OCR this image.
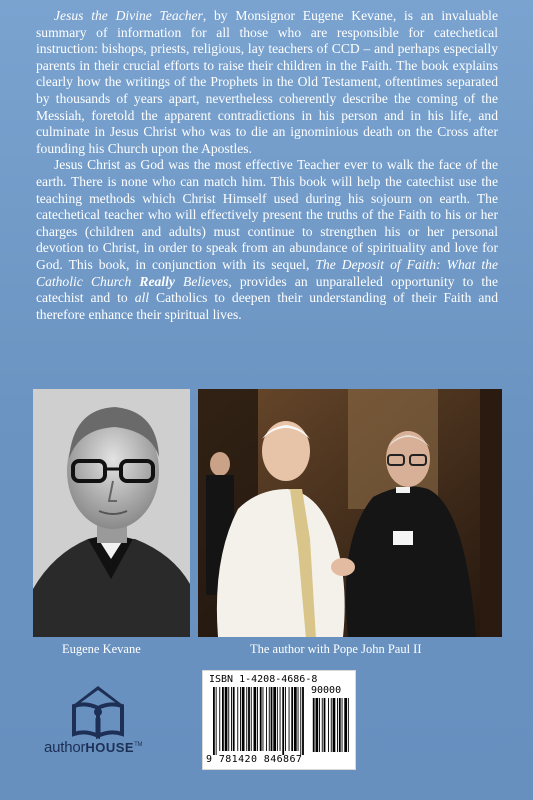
Jesus the Divine Teacher, by Monsignor Eugene Kevane, is an invaluable summary of information for all those who are responsible for catechetical instruction: bishops, priests, religious, lay teachers of CCD – and perhaps especially parents in their crucial efforts to raise their children in the Faith. The book explains clearly how the writings of the Prophets in the Old Testament, oftentimes separated by thousands of years apart, nevertheless coherently describe the coming of the Messiah, foretold the apparent contradictions in his person and in his life, and culminate in Jesus Christ who was to die an ignominious death on the Cross after founding his Church upon the Apostles.

Jesus Christ as God was the most effective Teacher ever to walk the face of the earth. There is none who can match him. This book will help the catechist use the teaching methods which Christ Himself used during his sojourn on earth. The catechetical teacher who will effectively present the truths of the Faith to his or her charges (children and adults) must continue to strengthen his or her personal devotion to Christ, in order to speak from an abundance of spirituality and love for God. This book, in conjunction with its sequel, The Deposit of Faith: What the Catholic Church Really Believes, provides an unparalleled opportunity to the catechist and to all Catholics to deepen their understanding of their Faith and therefore enhance their spiritual lives.

Eugene Kevane	The author with Pope John Paul II
authorHOUSE™
ISBN 1-4208-4686-8
90000
9 781420 846867
